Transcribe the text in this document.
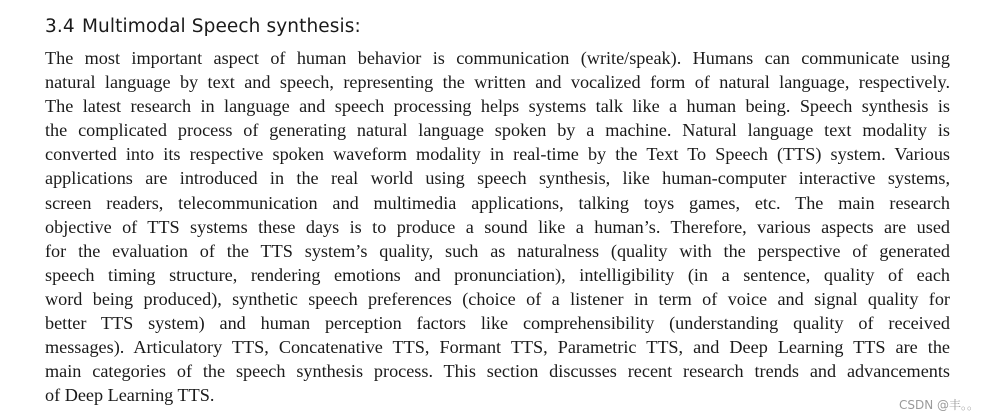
3.4 Multimodal Speech synthesis:

The most important aspect of human behavior is communication (write/speak). Humans can communicate using
natural language by text and speech, representing the written and vocalized form of natural language, respectively.
The latest research in language and speech processing helps systems talk like a human being. Speech synthesis is
the complicated process of generating natural language spoken by a machine. Natural language text modality is
converted into its respective spoken waveform modality in real-time by the Text To Speech (TTS) system. Various
applications are introduced in the real world using speech synthesis, like human-computer interactive systems,
screen readers, telecommunication and multimedia applications, talking toys games, etc. The main research
objective of TTS systems these days is to produce a sound like a human’s. Therefore, various aspects are used
for the evaluation of the TTS system’s quality, such as naturalness (quality with the perspective of generated
speech timing structure, rendering emotions and pronunciation), intelligibility (in a sentence, quality of each
word being produced), synthetic speech preferences (choice of a listener in term of voice and signal quality for
better TTS system) and human perception factors like comprehensibility (understanding quality of received
messages). Articulatory TTS, Concatenative TTS, Formant TTS, Parametric TTS, and Deep Learning TTS are the
main categories of the speech synthesis process. This section discusses recent research trends and advancements
of Deep Learning TTS.	CSDN @丰。。
